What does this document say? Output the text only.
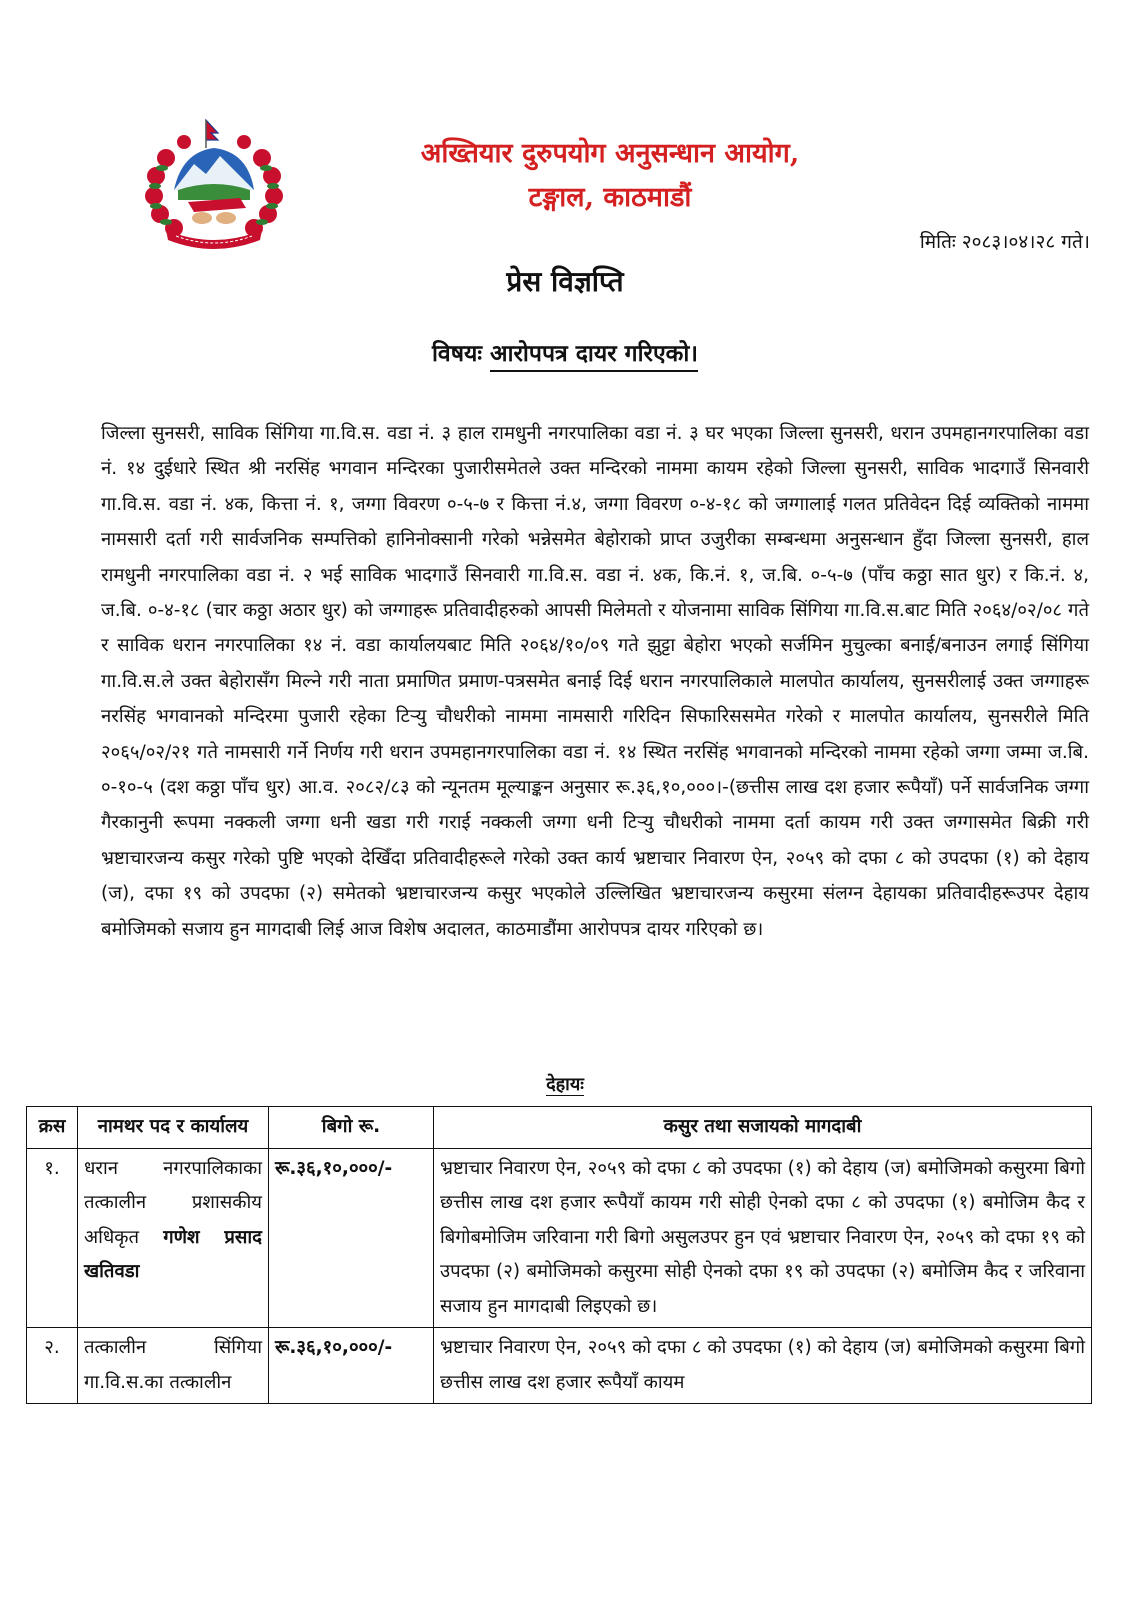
अख्तियार दुरुपयोग अनुसन्धान आयोग,
टङ्गाल, काठमाडौं
मितिः २०८३।०४।२८ गते।
प्रेस विज्ञप्ति
विषयः आरोपपत्र दायर गरिएको।
जिल्ला सुनसरी, साविक सिंगिया गा.वि.स. वडा नं. ३ हाल रामधुनी नगरपालिका वडा नं. ३ घर भएका जिल्ला सुनसरी, धरान उपमहानगरपालिका वडा नं. १४ दुईधारे स्थित श्री नरसिंह भगवान मन्दिरका पुजारीसमेतले उक्त मन्दिरको नाममा कायम रहेको जिल्ला सुनसरी, साविक भादगाउँ सिनवारी गा.वि.स. वडा नं. ४क, कित्ता नं. १, जग्गा विवरण ०-५-७ र कित्ता नं.४, जग्गा विवरण ०-४-१८ को जग्गालाई गलत प्रतिवेदन दिई व्यक्तिको नाममा नामसारी दर्ता गरी सार्वजनिक सम्पत्तिको हानिनोक्सानी गरेको भन्नेसमेत बेहोराको प्राप्त उजुरीका सम्बन्धमा अनुसन्धान हुँदा जिल्ला सुनसरी, हाल रामधुनी नगरपालिका वडा नं. २ भई साविक भादगाउँ सिनवारी गा.वि.स. वडा नं. ४क, कि.नं. १, ज.बि. ०-५-७ (पाँच कठ्ठा सात धुर) र कि.नं. ४, ज.बि. ०-४-१८ (चार कठ्ठा अठार धुर) को जग्गाहरू प्रतिवादीहरुको आपसी मिलेमतो र योजनामा साविक सिंगिया गा.वि.स.बाट मिति २०६४/०२/०८ गते र साविक धरान नगरपालिका १४ नं. वडा कार्यालयबाट मिति २०६४/१०/०९ गते झुट्टा बेहोरा भएको सर्जमिन मुचुल्का बनाई/बनाउन लगाई सिंगिया गा.वि.स.ले उक्त बेहोरासँग मिल्ने गरी नाता प्रमाणित प्रमाण-पत्रसमेत बनाई दिई धरान नगरपालिकाले मालपोत कार्यालय, सुनसरीलाई उक्त जग्गाहरू नरसिंह भगवानको मन्दिरमा पुजारी रहेका टिर्‍यु चौधरीको नाममा नामसारी गरिदिन सिफारिससमेत गरेको र मालपोत कार्यालय, सुनसरीले मिति २०६५/०२/२१ गते नामसारी गर्ने निर्णय गरी धरान उपमहानगरपालिका वडा नं. १४ स्थित नरसिंह भगवानको मन्दिरको नाममा रहेको जग्गा जम्मा ज.बि. ०-१०-५ (दश कठ्ठा पाँच धुर) आ.व. २०८२/८३ को न्यूनतम मूल्याङ्कन अनुसार रू.३६,१०,०००।-(छत्तीस लाख दश हजार रूपैयाँ) पर्ने सार्वजनिक जग्गा गैरकानुनी रूपमा नक्कली जग्गा धनी खडा गरी गराई नक्कली जग्गा धनी टिर्‍यु चौधरीको नाममा दर्ता कायम गरी उक्त जग्गासमेत बिक्री गरी भ्रष्टाचारजन्य कसुर गरेको पुष्टि भएको देखिँदा प्रतिवादीहरूले गरेको उक्त कार्य भ्रष्टाचार निवारण ऐन, २०५९ को दफा ८ को उपदफा (१) को देहाय (ज), दफा १९ को उपदफा (२) समेतको भ्रष्टाचारजन्य कसुर भएकोले उल्लिखित भ्रष्टाचारजन्य कसुरमा संलग्न देहायका प्रतिवादीहरूउपर देहाय बमोजिमको सजाय हुन मागदाबी लिई आज विशेष अदालत, काठमाडौंमा आरोपपत्र दायर गरिएको छ।
देहायः
क्रस	नामथर पद र कार्यालय	बिगो रू.	कसुर तथा सजायको मागदाबी
१.	धरान नगरपालिकाका तत्कालीन प्रशासकीय अधिकृत गणेश प्रसाद खतिवडा	रू.३६,१०,०००/-	भ्रष्टाचार निवारण ऐन, २०५९ को दफा ८ को उपदफा (१) को देहाय (ज) बमोजिमको कसुरमा बिगो छत्तीस लाख दश हजार रूपैयाँ कायम गरी सोही ऐनको दफा ८ को उपदफा (१) बमोजिम कैद र बिगोबमोजिम जरिवाना गरी बिगो असुलउपर हुन एवं भ्रष्टाचार निवारण ऐन, २०५९ को दफा १९ को उपदफा (२) बमोजिमको कसुरमा सोही ऐनको दफा १९ को उपदफा (२) बमोजिम कैद र जरिवाना सजाय हुन मागदाबी लिइएको छ।
२.	तत्कालीन सिंगिया गा.वि.स.का तत्कालीन	रू.३६,१०,०००/-	भ्रष्टाचार निवारण ऐन, २०५९ को दफा ८ को उपदफा (१) को देहाय (ज) बमोजिमको कसुरमा बिगो छत्तीस लाख दश हजार रूपैयाँ कायम
